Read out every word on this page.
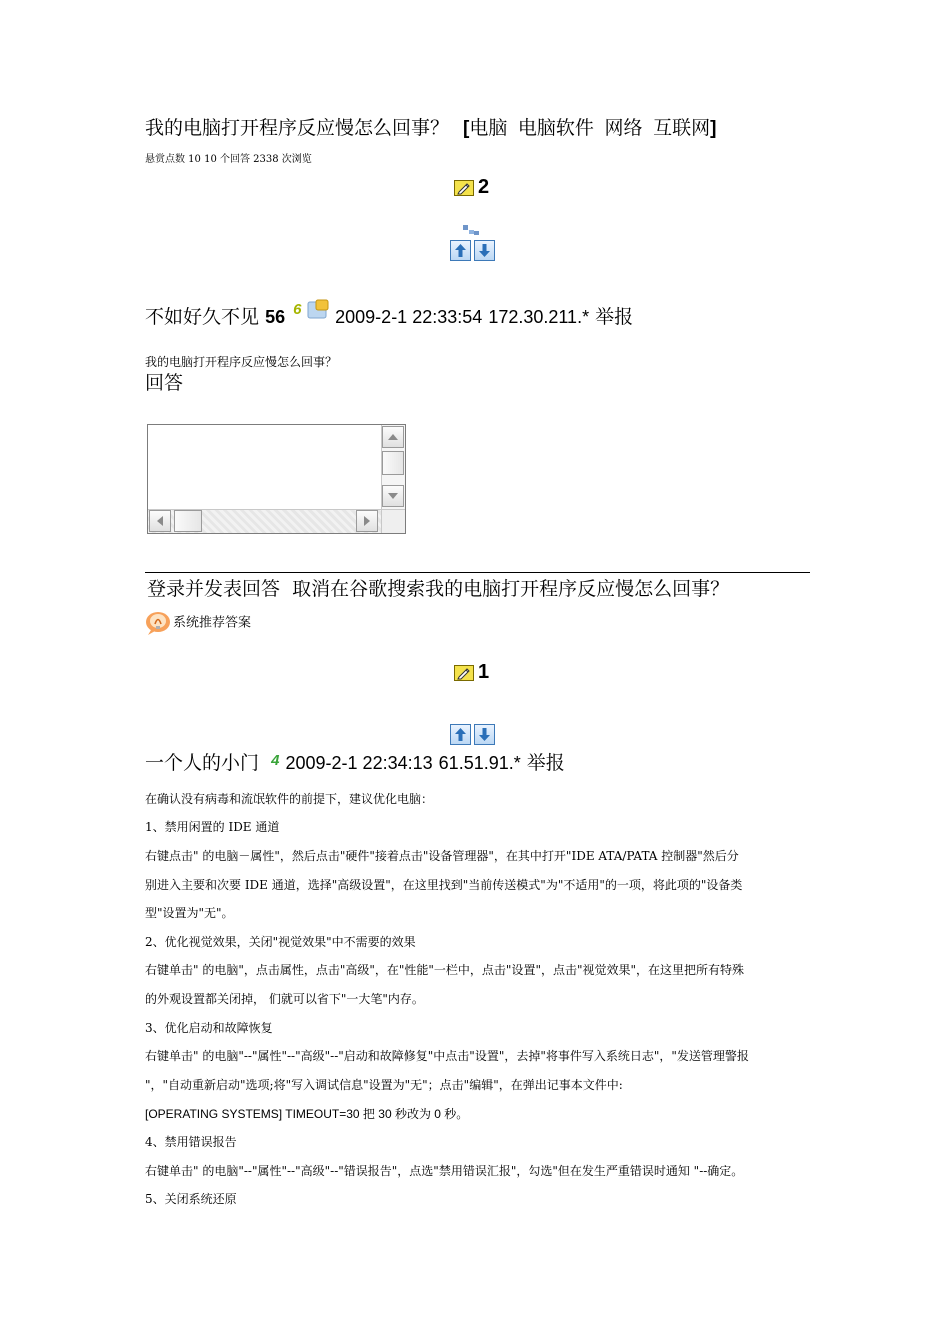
我的电脑打开程序反应慢怎么回事？ [电脑 电脑软件 网络 互联网]
悬赏点数 10 10 个回答 2338 次浏览
2
不如好久不见 56 6 2009-2-1 22:33:54 172.30.211.* 举报
我的电脑打开程序反应慢怎么回事？
回答
登录并发表回答 取消在谷歌搜索我的电脑打开程序反应慢怎么回事？
系统推荐答案
1
一个人的小门 $^4$ 2009-2-1 22:34:13 61.51.91.* 举报

在确认没有病毒和流氓软件的前提下，建议优化电脑：

1、禁用闲置的 IDE 通道

右键点击" 的电脑－属性"，然后点击"硬件"接着点击"设备管理器"，在其中打开"IDE ATA/PATA 控制器"然后分

别进入主要和次要 IDE 通道，选择"高级设置"，在这里找到"当前传送模式"为"不适用"的一项，将此项的"设备类

型"设置为"无"。

2、优化视觉效果，关闭"视觉效果"中不需要的效果

右键单击" 的电脑"，点击属性，点击"高级"，在"性能"一栏中，点击"设置"，点击"视觉效果"，在这里把所有特殊

的外观设置都关闭掉， 们就可以省下"一大笔"内存。

3、优化启动和故障恢复

右键单击" 的电脑"--"属性"--"高级"--"启动和故障修复"中点击"设置"，去掉"将事件写入系统日志"，"发送管理警报

"，"自动重新启动"选项;将"写入调试信息"设置为"无"；点击"编辑"，在弹出记事本文件中:

[OPERATING SYSTEMS] TIMEOUT=30 把 30 秒改为 0 秒。

4、禁用错误报告

右键单击" 的电脑"--"属性"--"高级"--"错误报告"，点选"禁用错误汇报"，勾选"但在发生严重错误时通知 "--确定。

5、关闭系统还原
